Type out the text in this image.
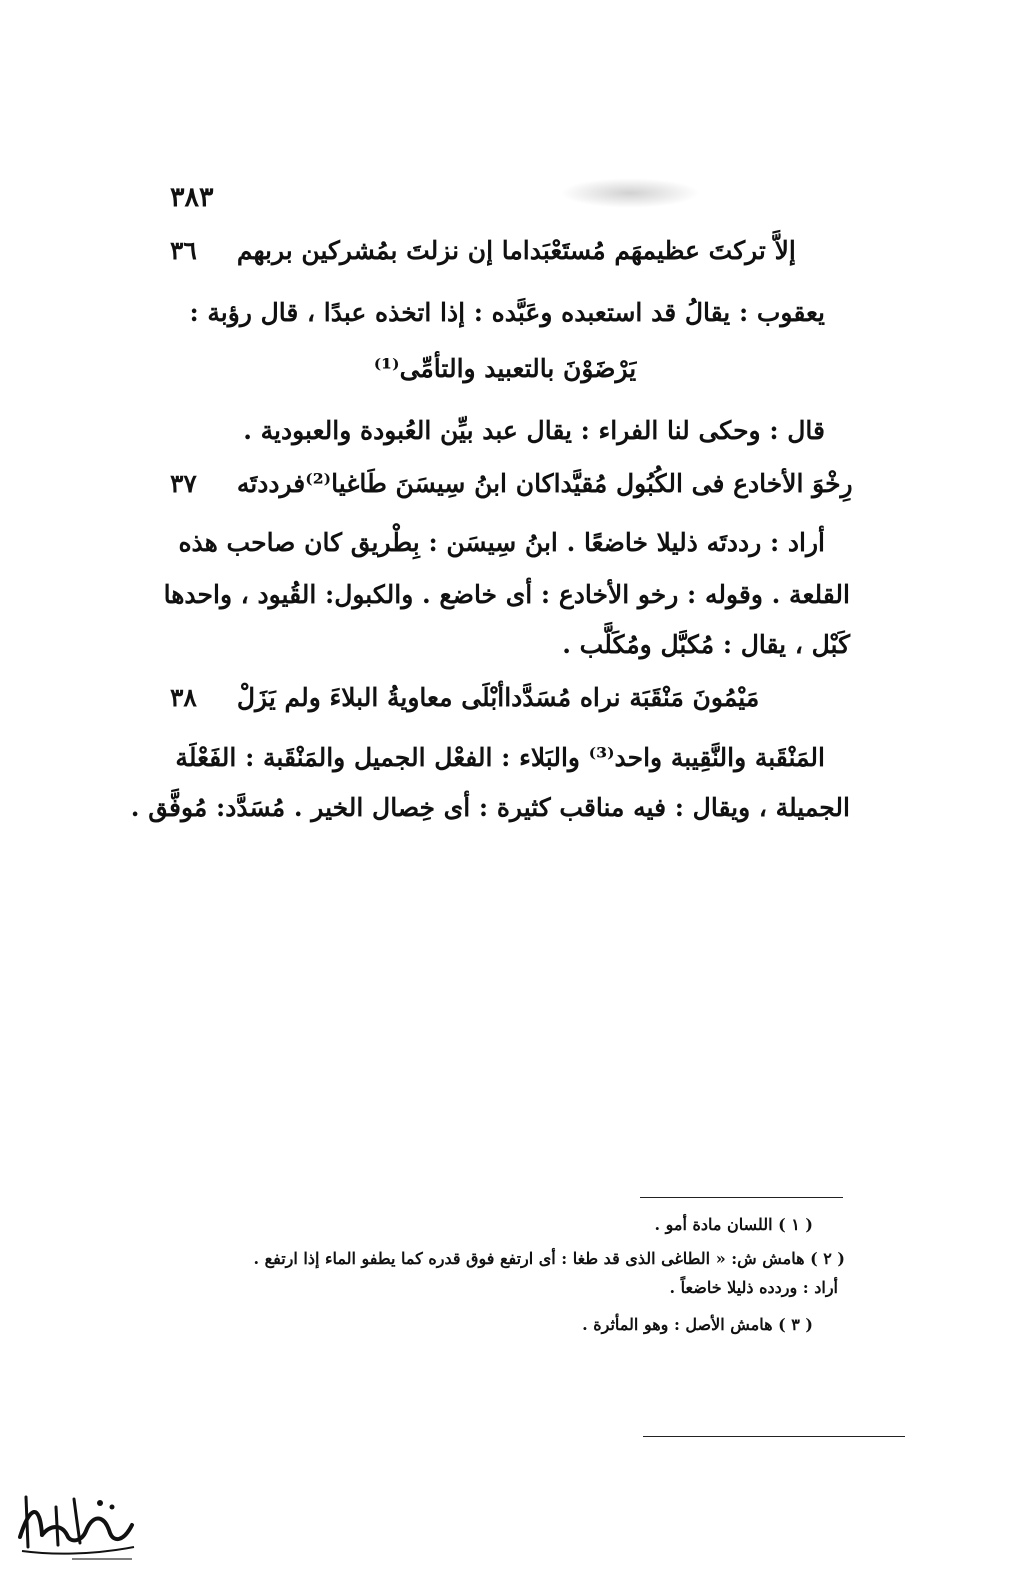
٣٨٣
٣٦ ما إن نزلتَ بمُشركين بربهمإلاَّ تركتَ عظيمهَم مُستَعْبَدا
يعقوب : يقالُ قد استعبده وعَبَّده : إذا اتخذه عبدًا ، قال رؤبة :
يَرْضَوْنَ بالتعبيد والتأمِّى⁽¹⁾
قال : وحكى لنا الفراء : يقال عبد بيِّن العُبودة والعبودية .
٣٧ كان ابنُ سِيسَنَ طَاغيا⁽²⁾فرددتَهرِخْوَ الأخادع فى الكُبُول مُقيَّدا
أراد : رددتَه ذليلا خاضعًا . ابنُ سِيسَن : بِطْريق كان صاحب هذه
القلعة . وقوله : رخو الأخادع : أى خاضع . والكبول: القُيود ، واحدها
كَبْل ، يقال : مُكبَّل ومُكَلَّب .
٣٨ أبْلَى معاويةُ البلاءَ ولم يَزَلْمَيْمُونَ مَنْقَبَة نراه مُسَدَّدا
المَنْقَبة والنَّقِيبة واحد⁽³⁾ والبَلاء : الفعْل الجميل والمَنْقَبة : الفَعْلَة
الجميلة ، ويقال : فيه مناقب كثيرة : أى خِصال الخير . مُسَدَّد: مُوفَّق .
( ١ ) اللسان مادة أمو .
( ٢ ) هامش ش: « الطاغى الذى قد طغا : أى ارتفع فوق قدره كما يطفو الماء إذا ارتفع .
أراد : وردده ذليلا خاضعاً .
( ٣ ) هامش الأصل : وهو المأثرة .
